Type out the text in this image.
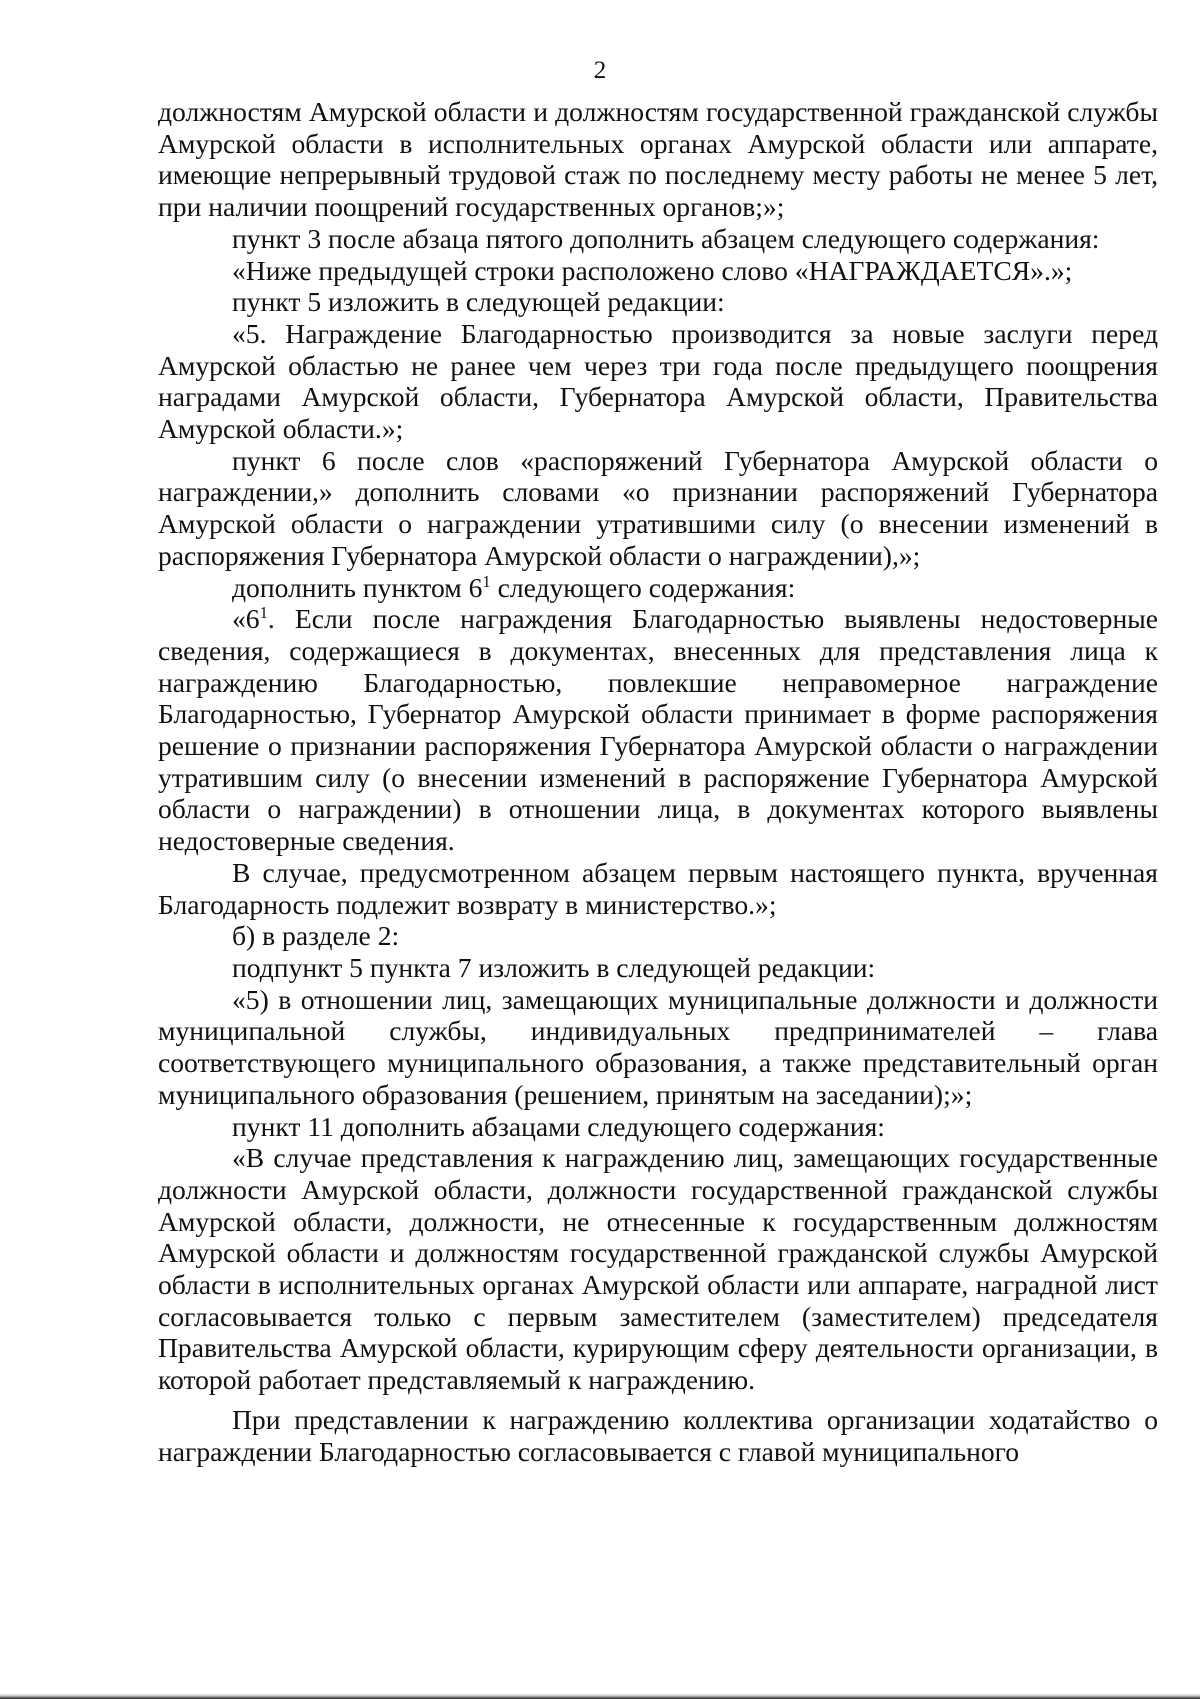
2

должностям Амурской области и должностям государственной гражданской службы Амурской области в исполнительных органах Амурской области или аппарате, имеющие непрерывный трудовой стаж по последнему месту работы не менее 5 лет, при наличии поощрений государственных органов;»;

пункт 3 после абзаца пятого дополнить абзацем следующего содержания:

«Ниже предыдущей строки расположено слово «НАГРАЖДАЕТСЯ».»;

пункт 5 изложить в следующей редакции:

«5. Награждение Благодарностью производится за новые заслуги перед Амурской областью не ранее чем через три года после предыдущего поощрения наградами Амурской области, Губернатора Амурской области, Правительства Амурской области.»;

пункт 6 после слов «распоряжений Губернатора Амурской области о награждении,» дополнить словами «о признании распоряжений Губернатора Амурской области о награждении утратившими силу (о внесении изменений в распоряжения Губернатора Амурской области о награждении),»;

дополнить пунктом $6^1$ следующего содержания:

«$6^1$. Если после награждения Благодарностью выявлены недостоверные сведения, содержащиеся в документах, внесенных для представления лица к награждению Благодарностью, повлекшие неправомерное награждение Благодарностью, Губернатор Амурской области принимает в форме распоряжения решение о признании распоряжения Губернатора Амурской области о награждении утратившим силу (о внесении изменений в распоряжение Губернатора Амурской области о награждении) в отношении лица, в документах которого выявлены недостоверные сведения.

В случае, предусмотренном абзацем первым настоящего пункта, врученная Благодарность подлежит возврату в министерство.»;

б) в разделе 2:

подпункт 5 пункта 7 изложить в следующей редакции:

«5) в отношении лиц, замещающих муниципальные должности и должности муниципальной службы, индивидуальных предпринимателей – глава соответствующего муниципального образования, а также представительный орган муниципального образования (решением, принятым на заседании);»;

пункт 11 дополнить абзацами следующего содержания:

«В случае представления к награждению лиц, замещающих государственные должности Амурской области, должности государственной гражданской службы Амурской области, должности, не отнесенные к государственным должностям Амурской области и должностям государственной гражданской службы Амурской области в исполнительных органах Амурской области или аппарате, наградной лист согласовывается только с первым заместителем (заместителем) председателя Правительства Амурской области, курирующим сферу деятельности организации, в которой работает представляемый к награждению.

При представлении к награждению коллектива организации ходатайство о награждении Благодарностью согласовывается с главой муниципального
